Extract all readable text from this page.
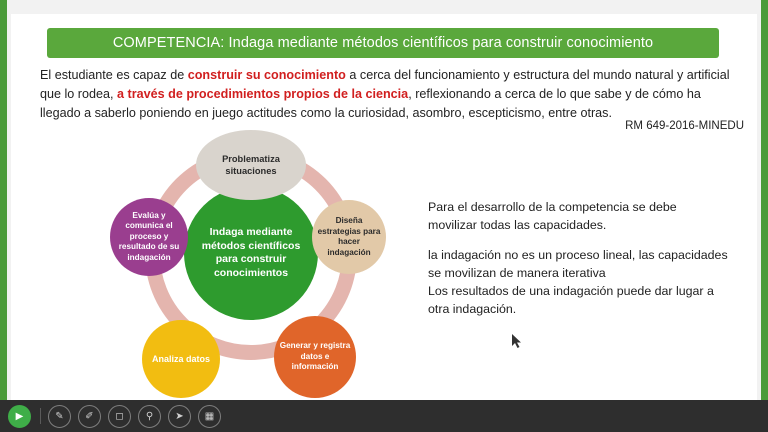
COMPETENCIA: Indaga mediante métodos científicos para construir conocimiento
El estudiante es capaz de construir su conocimiento a cerca del funcionamiento y estructura del mundo natural y artificial que lo rodea, a través de procedimientos propios de la ciencia, reflexionando a cerca de lo que sabe y de cómo ha llegado a saberlo poniendo en juego actitudes como la curiosidad, asombro, escepticismo, entre otras.
RM 649-2016-MINEDU
Indaga mediante métodos científicos para construir conocimientos
Problematiza situaciones
Diseña estrategias para hacer indagación
Generar y registra datos e información
Analiza datos
Evalúa y comunica el proceso y resultado de su indagación

Para el desarrollo de la competencia se debe movilizar todas las capacidades.

la indagación no es un proceso lineal, las capacidades se movilizan de manera iterativa

Los resultados de una indagación puede dar lugar a otra indagación.

▶	✎ ✐ ◻ ⚲ ➤ ▦
